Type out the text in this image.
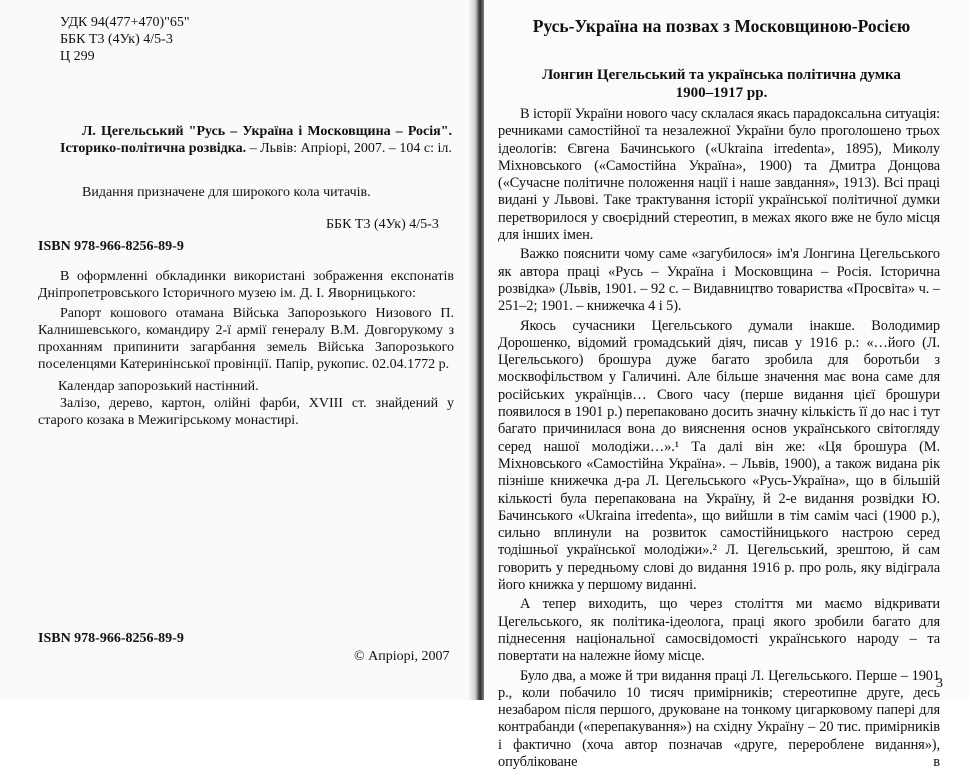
УДК 94(477+470)"65"
ББК Т3 (4Ук) 4/5-3
Ц 299
Л. Цегельський "Русь – Україна і Московщина – Росія". Історико-політична розвідка. – Львів: Апріорі, 2007. – 104 с: іл.
Видання призначене для широкого кола читачів.
ББК Т3 (4Ук) 4/5-3
ISBN 978-966-8256-89-9
В оформленні обкладинки використані зображення експонатів Дніпропетровського Історичного музею ім. Д. І. Яворницького:
Рапорт кошового отамана Війська Запорозького Низового П. Калнишевського, командиру 2-ї армії генералу В.М. Довгорукому з проханням припинити загарбання земель Війська Запорозького поселенцями Катеринінської провінції. Папір, рукопис. 02.04.1772 р.
Календар запорозький настінний.
Залізо, дерево, картон, олійні фарби, XVIII ст. знайдений у старого козака в Межигірському монастирі.
ISBN 978-966-8256-89-9
© Апріорі, 2007
Русь-Україна на позвах з Московщиною-Росією
Лонгин Цегельський та українська політична думка
1900–1917 рр.

В історії України нового часу склалася якась парадоксальна ситуація: речниками самостійної та незалежної України було проголошено трьох ідеологів: Євгена Бачинського («Ukraina irredenta», 1895), Миколу Міхновського («Самостійна Україна», 1900) та Дмитра Донцова («Сучасне політичне положення нації і наше завдання», 1913). Всі праці видані у Львові. Таке трактування історії української політичної думки перетворилося у своєрідний стереотип, в межах якого вже не було місця для інших імен.

Важко пояснити чому саме «загубилося» ім'я Лонгина Цегельського як автора праці «Русь – Україна і Московщина – Росія. Історична розвідка» (Львів, 1901. – 92 с. – Видавництво товариства «Просвіта» ч. – 251–2; 1901. – книжечка 4 і 5).

Якось сучасники Цегельського думали інакше. Володимир Дорошенко, відомий громадський діяч, писав у 1916 р.: «…його (Л. Цегельського) брошура дуже багато зробила для боротьби з москвофільством у Галичині. Але більше значення має вона саме для російських українців… Свого часу (перше видання цієї брошури появилося в 1901 р.) перепаковано досить значну кількість її до нас і тут багато причинилася вона до вияснення основ українського світогляду серед нашої молодіжи…».¹ Та далі він же: «Ця брошура (М. Міхновського «Самостійна Україна». – Львів, 1900), а також видана рік пізніше книжечка д-ра Л. Цегельського «Русь-Україна», що в більшій кількості була перепакована на Україну, й 2-е видання розвідки Ю. Бачинського «Ukraina irredenta», що вийшли в тім самім часі (1900 р.), сильно вплинули на розвиток самостійницького настрою серед тодішньої української молодіжи».² Л. Цегельський, зрештою, й сам говорить у передньому слові до видання 1916 р. про роль, яку відіграла його книжка у першому виданні.

А тепер виходить, що через століття ми маємо відкривати Цегельського, як політика-ідеолога, праці якого зробили багато для піднесення національної самосвідомості українського народу – та повертати на належне йому місце.

Було два, а може й три видання праці Л. Цегельського. Перше – 1901 р., коли побачило 10 тисяч примірників; стереотипне друге, десь незабаром після першого, друковане на тонкому цигарковому папері для контрабанди («перепакування») на східну Україну – 20 тис. примірників і фактично (хоча автор позначав «друге, перероблене видання»), опубліковане в

3
